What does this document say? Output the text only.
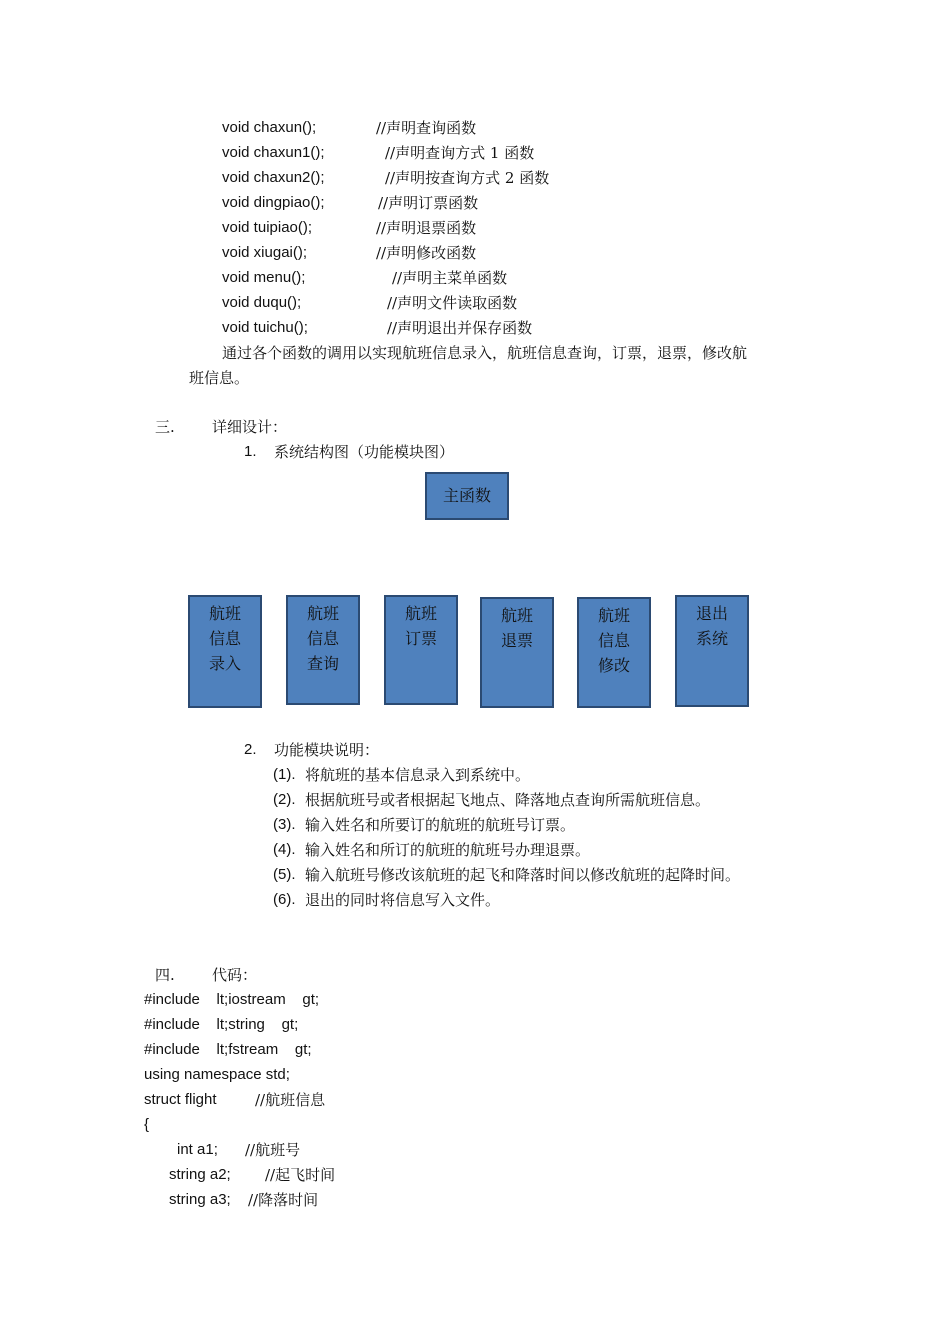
void chaxun();	//声明查询函数
void chaxun1();	//声明查询方式 1 函数
void chaxun2();	//声明按查询方式 2 函数
void dingpiao();	//声明订票函数
void tuipiao();	//声明退票函数
void xiugai();	//声明修改函数
void menu();	//声明主菜单函数
void duqu();	//声明文件读取函数
void tuichu();	//声明退出并保存函数
通过各个函数的调用以实现航班信息录入，航班信息查询，订票，退票，修改航
班信息。
三. 详细设计：
1. 系统结构图（功能模块图）
主函数
航班
信息
录入
航班
信息
查询
航班
订票
航班
退票
航班
信息
修改
退出
系统
2. 功能模块说明：
(1). 将航班的基本信息录入到系统中。
(2). 根据航班号或者根据起飞地点、降落地点查询所需航班信息。
(3). 输入姓名和所要订的航班的航班号订票。
(4). 输入姓名和所订的航班的航班号办理退票。
(5). 输入航班号修改该航班的起飞和降落时间以修改航班的起降时间。
(6). 退出的同时将信息写入文件。
四. 代码：
#include    lt;iostream    gt;
#include    lt;string    gt;
#include    lt;fstream    gt;
using namespace std;
struct flight	//航班信息
{
int a1; //航班号
string a2; //起飞时间
string a3; //降落时间
